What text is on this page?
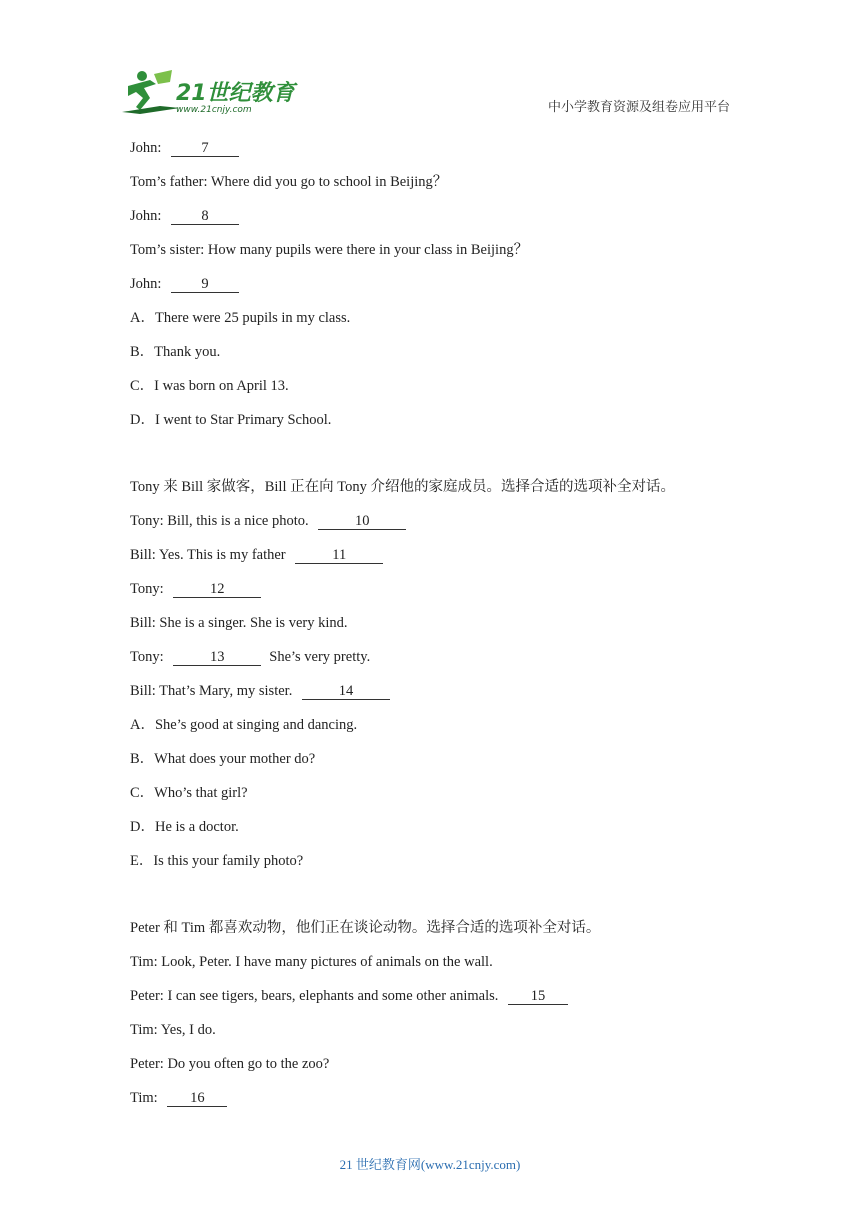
21世纪教育
www.21cnjy.com	中小学教育资源及组卷应用平台
John:	7
Tom’s father: Where did you go to school in Beijing？
John:	8
Tom’s sister: How many pupils were there in your class in Beijing？
John:	9
A．There were 25 pupils in my class.
B．Thank you.
C．I was born on April 13.
D．I went to Star Primary School.
Tony 来 Bill 家做客，Bill 正在向 Tony 介绍他的家庭成员。选择合适的选项补全对话。
Tony: Bill, this is a nice photo.	10
Bill: Yes. This is my father	11
Tony:	12
Bill: She is a singer. She is very kind.
Tony:	13	She’s very pretty.
Bill: That’s Mary, my sister.	14
A．She’s good at singing and dancing.
B．What does your mother do?
C．Who’s that girl?
D．He is a doctor.
E．Is this your family photo?
Peter 和 Tim 都喜欢动物，他们正在谈论动物。选择合适的选项补全对话。
Tim: Look, Peter. I have many pictures of animals on the wall.
Peter: I can see tigers, bears, elephants and some other animals. 15
Tim: Yes, I do.
Peter: Do you often go to the zoo?
Tim: 16
21 世纪教育网(www.21cnjy.com)
